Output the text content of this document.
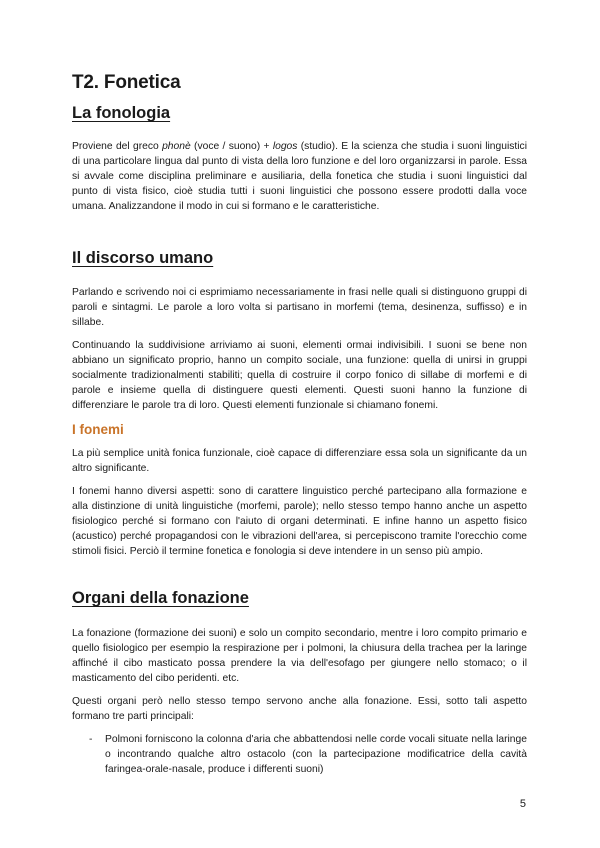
T2. Fonetica
La fonologia

Proviene del greco phonè (voce / suono) + logos (studio). E la scienza che studia i suoni linguistici di una particolare lingua dal punto di vista della loro funzione e del loro organizzarsi in parole. Essa si avvale come disciplina preliminare e ausiliaria, della fonetica che studia i suoni linguistici dal punto di vista fisico, cioè studia tutti i suoni linguistici che possono essere prodotti dalla voce umana. Analizzandone il modo in cui si formano e le caratteristiche.

Il discorso umano

Parlando e scrivendo noi ci esprimiamo necessariamente in frasi nelle quali si distinguono gruppi di paroli e sintagmi. Le parole a loro volta si partisano in morfemi (tema, desinenza, suffisso) e in sillabe.

Continuando la suddivisione arriviamo ai suoni, elementi ormai indivisibili. I suoni se bene non abbiano un significato proprio, hanno un compito sociale, una funzione: quella di unirsi in gruppi socialmente tradizionalmenti stabiliti; quella di costruire il corpo fonico di sillabe di morfemi e di parole e insieme quella di distinguere questi elementi. Questi suoni hanno la funzione di differenziare le parole tra di loro. Questi elementi funzionale si chiamano fonemi.

I fonemi

La più semplice unità fonica funzionale, cioè capace di differenziare essa sola un significante da un altro significante.

I fonemi hanno diversi aspetti: sono di carattere linguistico perché partecipano alla formazione e alla distinzione di unità linguistiche (morfemi, parole); nello stesso tempo hanno anche un aspetto fisiologico perché si formano con l'aiuto di organi determinati. E infine hanno un aspetto fisico (acustico) perché propagandosi con le vibrazioni dell'area, si percepiscono tramite l'orecchio come stimoli fisici. Perciò il termine fonetica e fonologia si deve intendere in un senso più ampio.

Organi della fonazione

La fonazione (formazione dei suoni) e solo un compito secondario, mentre i loro compito primario e quello fisiologico per esempio la respirazione per i polmoni, la chiusura della trachea per la laringe affinché il cibo masticato possa prendere la via dell'esofago per giungere nello stomaco; o il masticamento del cibo peridenti. etc.

Questi organi però nello stesso tempo servono anche alla fonazione. Essi, sotto tali aspetto formano tre parti principali:

-	Polmoni forniscono la colonna d'aria che abbattendosi nelle corde vocali situate nella laringe o incontrando qualche altro ostacolo (con la partecipazione modificatrice della cavità faringea-orale-nasale, produce i differenti suoni)
5
